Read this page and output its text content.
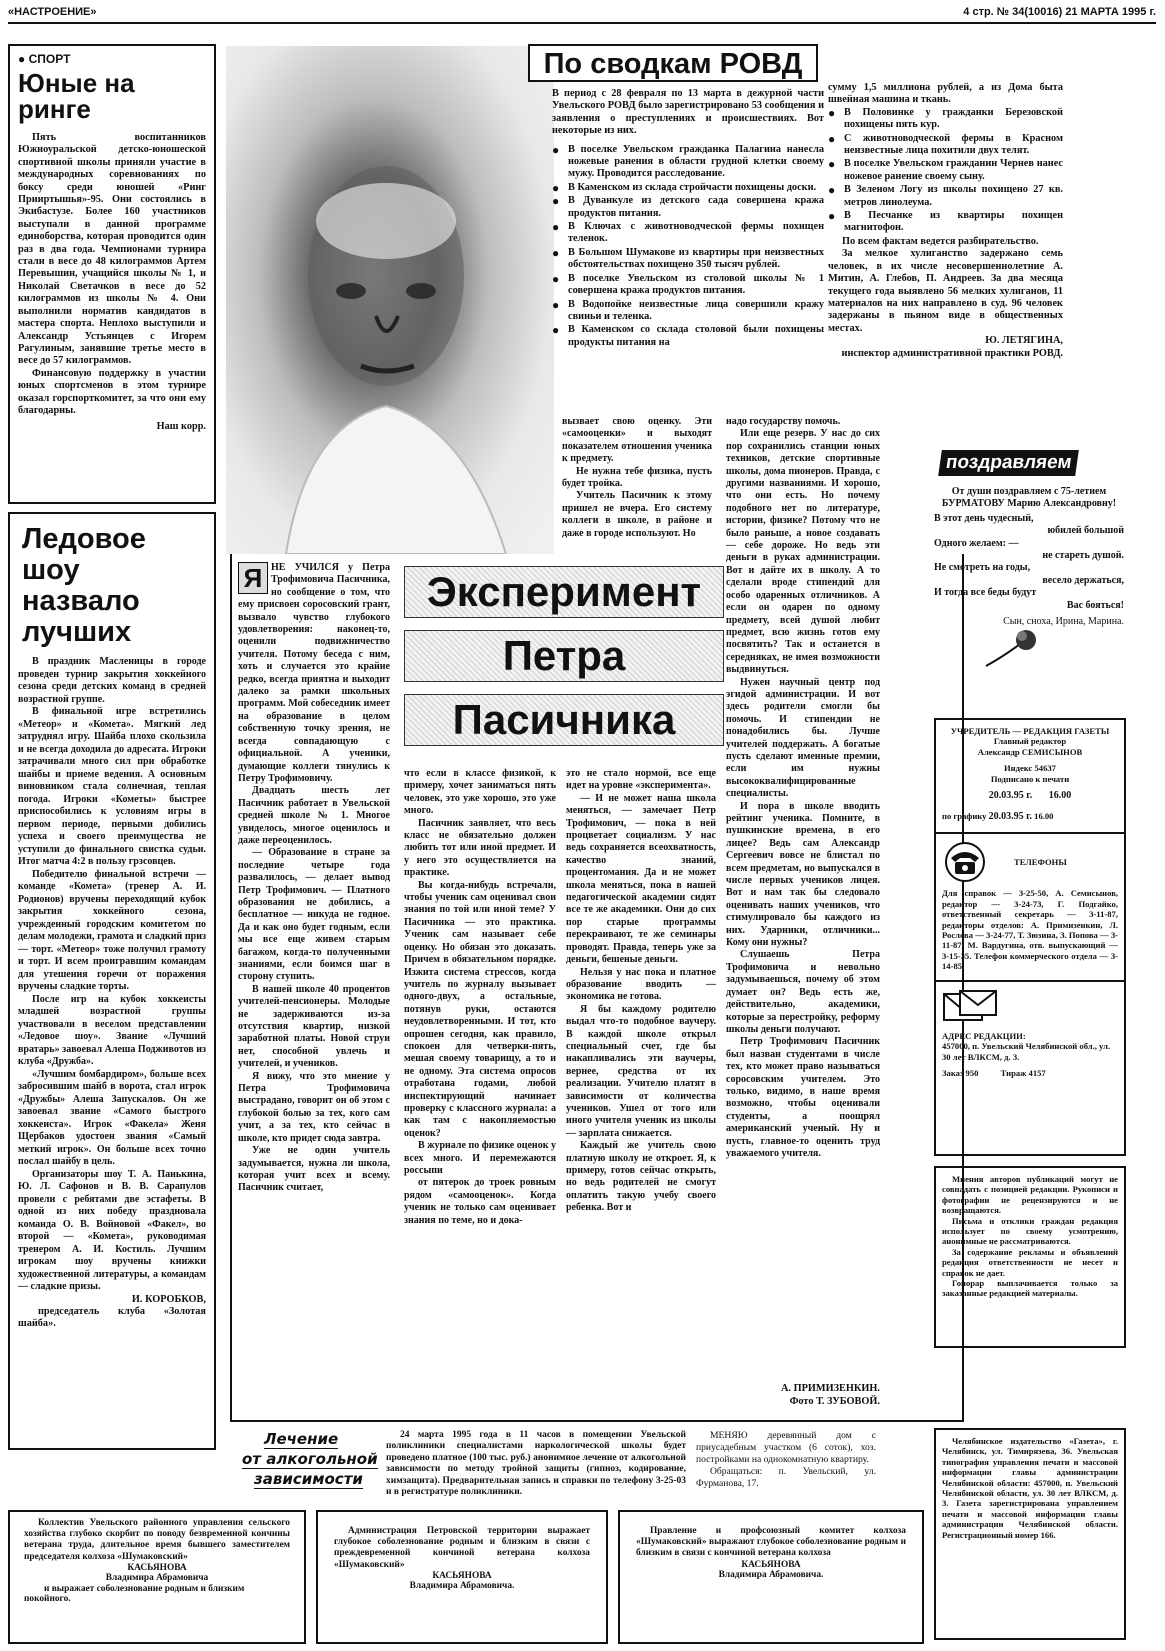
«НАСТРОЕНИЕ»	4 стр. № 34(10016) 21 МАРТА 1995 г.
● СПОРТ
Юные на ринге

Пять воспитанников Южноуральской детско-юношеской спортивной школы приняли участие в международных соревнованиях по боксу среди юношей «Ринг Прииртышья»-95. Они состоялись в Экибастузе. Более 160 участников выступали в данной программе единоборства, которая проводится один раз в два года. Чемпионами турнира стали в весе до 48 килограммов Артем Перевышин, учащийся школы № 1, и Николай Светачков в весе до 52 килограммов из школы № 4. Они выполнили норматив кандидатов в мастера спорта. Неплохо выступили и Александр Устьянцев с Игорем Рагулиным, занявшие третье место в весе до 57 килограммов.

Финансовую поддержку в участии юных спортсменов в этом турнире оказал горспорткомитет, за что они ему благодарны.

Наш корр.
Ледовое шоу назвало лучших

В праздник Масленицы в городе проведен турнир закрытия хоккейного сезона среди детских команд в средней возрастной группе.

В финальной игре встретились «Метеор» и «Комета». Мягкий лед затруднял игру. Шайба плохо скользила и не всегда доходила до адресата. Игроки затрачивали много сил при обработке шайбы и приеме ведения. А основным виновником стала солнечная, теплая погода. Игроки «Кометы» быстрее приспособились к условиям игры в первом периоде, первыми добились успеха и своего преимущества не уступили до финального свистка судьи. Итог матча 4:2 в пользу грзсовцев.

Победителю финальной встречи — команде «Комета» (тренер А. И. Родионов) вручены переходящий кубок закрытия хоккейного сезона, учрежденный городским комитетом по делам молодежи, грамота и сладкий приз — торт. «Метеор» тоже получил грамоту и торт. И всем проигравшим командам для утешения горечи от поражения вручены сладкие торты.

После игр на кубок хоккеисты младшей возрастной группы участвовали в веселом представлении «Ледовое шоу». Звание «Лучший вратарь» завоевал Алеша Подживотов из клуба «Дружба».

«Лучшим бомбардиром», больше всех забросившим шайб в ворота, стал игрок «Дружбы» Алеша Запускалов. Он же завоевал звание «Самого быстрого хоккеиста». Игрок «Факела» Женя Щербаков удостоен звания «Самый меткий игрок». Он больше всех точно послал шайбу в цель.

Организаторы шоу Т. А. Панькина, Ю. Л. Сафонов и В. В. Сарапулов провели с ребятами две эстафеты. В одной из них победу праздновала команда О. В. Войновой «Факел», во второй — «Комета», руководимая тренером А. И. Костиль. Лучшим игрокам шоу вручены книжки художественной литературы, а командам — сладкие призы.

И. КОРОБКОВ,
председатель клуба «Золотая шайба».
По сводкам РОВД
В период с 28 февраля по 13 марта в дежурной части Увельского РОВД было зарегистрировано 53 сообщения и заявления о преступлениях и происшествиях. Вот некоторые из них.
● В поселке Увельском гражданка Палагина нанесла ножевые ранения в области грудной клетки своему мужу. Проводится расследование.
● В Каменском из склада стройчасти похищены доски.
● В Дуванкуле из детского сада совершена кража продуктов питания.
● В Ключах с животноводческой фермы похищен теленок.
● В Большом Шумакове из квартиры при неизвестных обстоятельствах похищено 350 тысяч рублей.
● В поселке Увельском из столовой школы № 1 совершена кража продуктов питания.
● В Водопойке неизвестные лица совершили кражу свиньи и теленка.
● В Каменском со склада столовой были похищены продукты питания на
сумму 1,5 миллиона рублей, а из Дома быта швейная машина и ткань.
● В Половинке у гражданки Березовской похищены пять кур.
● С животноводческой фермы в Красном неизвестные лица похитили двух телят.
● В поселке Увельском гражданин Чернев нанес ножевое ранение своему сыну.
● В Зеленом Логу из школы похищено 27 кв. метров линолеума.
● В Песчанке из квартиры похищен магнитофон.

По всем фактам ведется разбирательство.

За мелкое хулиганство задержано семь человек, в их числе несовершеннолетние А. Митин, А. Глебов, П. Андреев. За два месяца текущего года выявлено 56 мелких хулиганов, 11 материалов на них направлено в суд. 96 человек задержаны в пьяном виде в общественных местах.

Ю. ЛЕТЯГИНА,
инспектор административной практики РОВД.

вызвает свою оценку. Эти «самооценки» и выходят показателем отношения ученика к предмету.

Не нужна тебе физика, пусть будет тройка.

Учитель Пасичник к этому пришел не вчера. Его систему коллеги в школе, в районе и даже в городе используют. Но

надо государству помочь.

Или еще резерв. У нас до сих пор сохранились станции юных техников, детские спортивные школы, дома пионеров. Правда, с другими названиями. И хорошо, что они есть. Но почему подобного нет по литературе, истории, физике? Потому что не было раньше, а новое создавать — себе дороже. Но ведь эти деньги в руках администрации. Вот и дайте их в школу. А то сделали вроде стипендий для особо одаренных отличников. А если он одарен по одному предмету, всей душой любит предмет, всю жизнь готов ему посвятить? Так и останется в середняках, не имея возможности выдвинуться.

Нужен научный центр под эгидой администрации. И вот здесь родители смогли бы помочь. И стипендии не понадобились бы. Лучше учителей поддержать. А богатые пусть сделают именные премии, если им нужны высококвалифицированные специалисты.

И пора в школе вводить рейтинг ученика. Помните, в пушкинские времена, в его лицее? Ведь сам Александр Сергеевич вовсе не блистал по всем предметам, но выпускался в числе первых учеников лицея. Вот и нам так бы следовало оценивать наших учеников, что стимулировало бы каждого из них. Ударники, отличники... Кому они нужны?

Слушаешь Петра Трофимовича и невольно задумываешься, почему об этом думает он? Ведь есть же, действительно, академики, которые за перестройку, реформу школы деньги получают.

Петр Трофимович Пасичник был назван студентами в числе тех, кто может право называться соросовским учителем. Это только, видимо, в наше время возможно, чтобы оценивали студенты, а поощрял американский ученый. Ну и пусть, главное-то оценить труд уважаемого учителя.

Я НЕ УЧИЛСЯ у Петра Трофимовича Пасичника, но сообщение о том, что ему присвоен соросовский грант, вызвало чувство глубокого удовлетворения: наконец-то, оценили подвижничество учителя. Потому беседа с ним, хоть и случается это крайне редко, всегда приятна и выходит далеко за рамки школьных программ. Мой собеседник имеет на образование в целом собственную точку зрения, не всегда совпадающую с официальной. А ученики, думающие коллеги тянулись к Петру Трофимовичу.

Двадцать шесть лет Пасичник работает в Увельской средней школе № 1. Многое увиделось, многое оценилось и даже переоценилось.

— Образование в стране за последние четыре года развалилось, — делает вывод Петр Трофимович. — Платного образования не добились, а бесплатное — никуда не годное. Да и как оно будет годным, если мы все еще живем старым багажом, когда-то полученными знаниями, если боимся шаг в сторону ступить.

В нашей школе 40 процентов учителей-пенсионеры. Молодые не задерживаются из-за отсутствия квартир, низкой заработной платы. Новой струи нет, способной увлечь и учителей, и учеников.

Я вижу, что это мнение у Петра Трофимовича выстрадано, говорит он об этом с глубокой болью за тех, кого сам учит, а за тех, кто сейчас в школе, кто придет сюда завтра.

Уже не один учитель задумывается, нужна ли школа, которая учит всех и всему. Пасичник считает,

Эксперимент
Петра
Пасичника

что если в классе физикой, к примеру, хочет заниматься пять человек, это уже хорошо, это уже много.

Пасичник заявляет, что весь класс не обязательно должен любить тот или иной предмет. И у него это осуществляется на практике.

Вы когда-нибудь встречали, чтобы ученик сам оценивал свои знания по той или иной теме? У Пасичника — это практика. Ученик сам называет себе оценку. Но обязан это доказать. Причем в обязательном порядке. Изжита система стрессов, когда учитель по журналу вызывает одного-двух, а остальные, потянув руки, остаются неудовлетворенными. И тот, кто опрошен сегодня, как правило, спокоен для четверки-пять, мешая своему товарищу, а то и не одному. Эта система опросов отработана годами, любой инспектирующий начинает проверку с классного журнала: а как там с накопляемостью оценок?

В журнале по физике оценок у всех много. И перемежаются россыпи

от пятерок до троек ровным рядом «самооценок». Когда ученик не только сам оценивает знания по теме, но и дока-

это не стало нормой, все еще идет на уровне «эксперимента».

— И не может наша школа меняться, — замечает Петр Трофимович, — пока в ней процветает социализм. У нас ведь сохраняется всеохватность, качество знаний, процентомания. Да и не может школа меняться, пока в нашей педагогической академии сидят все те же академики. Они до сих пор старые программы перекраивают, те же семинары проводят. Правда, теперь уже за деньги, бешеные деньги.

Нельзя у нас пока и платное образование вводить — экономика не готова.

Я бы каждому родителю выдал что-то подобное ваучеру. В каждой школе открыл специальный счет, где бы накапливались эти ваучеры, вернее, средства от их реализации. Учителю платят в зависимости от количества учеников. Ушел от того или иного учителя ученик из школы — зарплата снижается.

Каждый же учитель свою платную школу не откроет. Я, к примеру, готов сейчас открыть, но ведь родителей не смогут оплатить такую учебу своего ребенка. Вот и

А. ПРИМИЗЕНКИН.
Фото Т. ЗУБОВОЙ.
поздравляем
От души поздравляем с 75-летием БУРМАТОВУ Марию Александровну!
В этот день чудесный,
юбилей большой
Одного желаем: —
не стареть душой.
Не смотреть на годы,
весело держаться,
И тогда все беды будут
Вас бояться!
Сын, сноха, Ирина, Марина.
УЧРЕДИТЕЛЬ — РЕДАКЦИЯ ГАЗЕТЫ
Главный редактор
Александр СЕМИСЫНОВ
Индекс 54637
Подписано к печати
20.03.95 г. 16.00
по графику 20.03.95 г. 16.00
ТЕЛЕФОНЫ
Для справок — 3-25-50, А. Семисынов, редактор — 3-24-73, Г. Подгайко, ответственный секретарь — 3-11-87, редакторы отделов: А. Примизенкин, Л. Рослова — 3-24-77, Т. Зюзина, З. Попова — 3-11-87, М. Вардугина, отв. выпускающий — 3-15-35. Телефон коммерческого отдела — 3-14-85.
АДРЕС РЕДАКЦИИ:
457000, п. Увельский Челябинской обл., ул. 30 лет ВЛКСМ, д. 3.
Заказ 950	Тираж 4157
Мнения авторов публикаций могут не совпадать с позицией редакции. Рукописи и фотографии не рецензируются и не возвращаются.
Письма и отклики граждан редакция использует по своему усмотрению, анонимные не рассматриваются.
За содержание рекламы и объявлений редакция ответственности не несет и справок не дает.
Гонорар выплачивается только за заказанные редакцией материалы.
Челябинское издательство «Газета», г. Челябинск, ул. Тимирязева, 36. Увельская типография управления печати и массовой информации главы администрации Челябинской области: 457000, п. Увельский Челябинской области, ул. 30 лет ВЛКСМ, д. 3. Газета зарегистрирована управлением печати и массовой информации главы администрации Челябинской области. Регистрационный номер 166.
Лечение
от алкогольной
зависимости
24 марта 1995 года в 11 часов в помещении Увельской поликлиники специалистами наркологической школы будет проведено платное (100 тыс. руб.) анонимное лечение от алкогольной зависимости по методу тройной защиты (гипноз, кодирование, химзащита). Предварительная запись и справки по телефону 3-25-03 и в регистратуре поликлиники.
МЕНЯЮ деревянный дом с приусадебным участком (6 соток), хоз. постройками на однокомнатную квартиру.
Обращаться: п. Увельский, ул. Фурманова, 17.
Коллектив Увельского районного управления сельского хозяйства глубоко скорбит по поводу безвременной кончины ветерана труда, длительное время бывшего заместителем председателя колхоза «Шумаковский»
КАСЬЯНОВА
Владимира Абрамовича
и выражает соболезнование родным и близким покойного.
Администрация Петровской территории выражает глубокое соболезнование родным и близким в связи с преждевременной кончиной ветерана колхоза «Шумаковский»
КАСЬЯНОВА
Владимира Абрамовича.
Правление и профсоюзный комитет колхоза «Шумаковский» выражают глубокое соболезнование родным и близким в связи с кончиной ветерана колхоза
КАСЬЯНОВА
Владимира Абрамовича.
